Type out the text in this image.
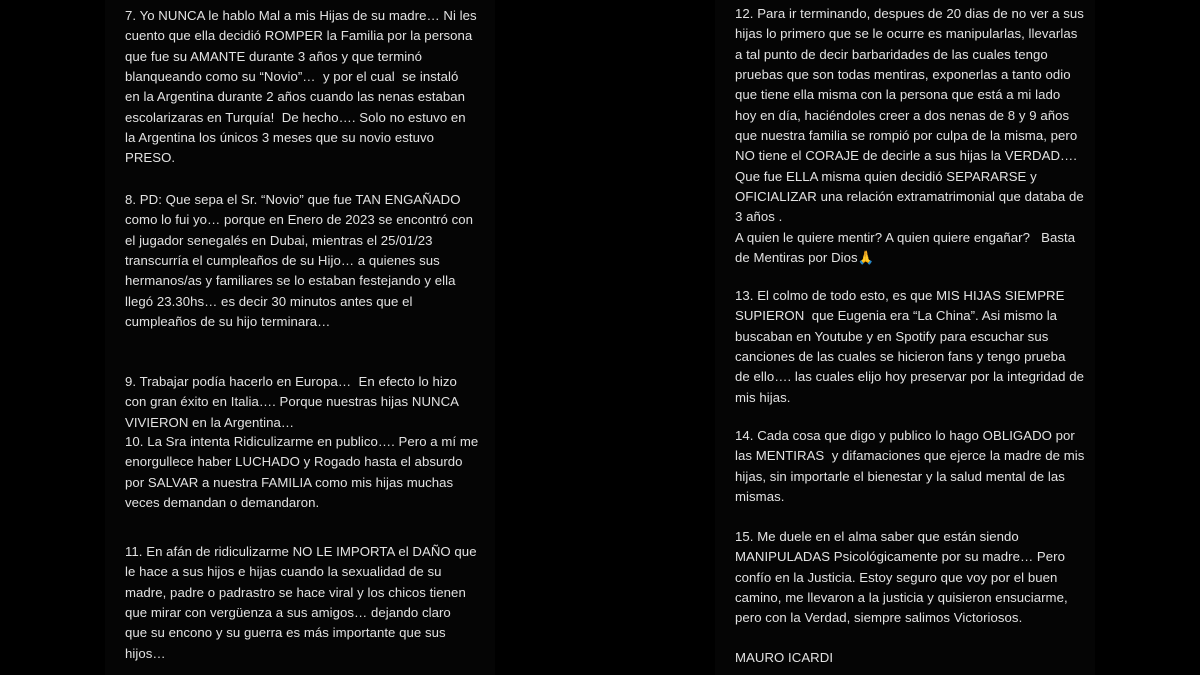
7. Yo NUNCA le hablo Mal a mis Hijas de su madre… Ni les
cuento que ella decidió ROMPER la Familia por la persona
que fue su AMANTE durante 3 años y que terminó
blanqueando como su “Novio”…  y por el cual  se instaló
en la Argentina durante 2 años cuando las nenas estaban
escolarizaras en Turquía!  De hecho…. Solo no estuvo en
la Argentina los únicos 3 meses que su novio estuvo
PRESO.
8. PD: Que sepa el Sr. “Novio” que fue TAN ENGAÑADO
como lo fui yo… porque en Enero de 2023 se encontró con
el jugador senegalés en Dubai, mientras el 25/01/23
transcurría el cumpleaños de su Hijo… a quienes sus
hermanos/as y familiares se lo estaban festejando y ella
llegó 23.30hs… es decir 30 minutos antes que el
cumpleaños de su hijo terminara…
9. Trabajar podía hacerlo en Europa…  En efecto lo hizo
con gran éxito en Italia…. Porque nuestras hijas NUNCA
VIVIERON en la Argentina…
10. La Sra intenta Ridiculizarme en publico…. Pero a mí me
enorgullece haber LUCHADO y Rogado hasta el absurdo
por SALVAR a nuestra FAMILIA como mis hijas muchas
veces demandan o demandaron.
11. En afán de ridiculizarme NO LE IMPORTA el DAÑO que
le hace a sus hijos e hijas cuando la sexualidad de su
madre, padre o padrastro se hace viral y los chicos tienen
que mirar con vergüenza a sus amigos… dejando claro
que su encono y su guerra es más importante que sus
hijos…
12. Para ir terminando, despues de 20 dias de no ver a sus
hijas lo primero que se le ocurre es manipularlas, llevarlas
a tal punto de decir barbaridades de las cuales tengo
pruebas que son todas mentiras, exponerlas a tanto odio
que tiene ella misma con la persona que está a mi lado
hoy en día, haciéndoles creer a dos nenas de 8 y 9 años
que nuestra familia se rompió por culpa de la misma, pero
NO tiene el CORAJE de decirle a sus hijas la VERDAD….
Que fue ELLA misma quien decidió SEPARARSE y
OFICIALIZAR una relación extramatrimonial que databa de
3 años .
A quien le quiere mentir? A quien quiere engañar?   Basta
de Mentiras por Dios🙏
13. El colmo de todo esto, es que MIS HIJAS SIEMPRE
SUPIERON  que Eugenia era “La China”. Asi mismo la
buscaban en Youtube y en Spotify para escuchar sus
canciones de las cuales se hicieron fans y tengo prueba
de ello…. las cuales elijo hoy preservar por la integridad de
mis hijas.
14. Cada cosa que digo y publico lo hago OBLIGADO por
las MENTIRAS  y difamaciones que ejerce la madre de mis
hijas, sin importarle el bienestar y la salud mental de las
mismas.
15. Me duele en el alma saber que están siendo
MANIPULADAS Psicológicamente por su madre… Pero
confío en la Justicia. Estoy seguro que voy por el buen
camino, me llevaron a la justicia y quisieron ensuciarme,
pero con la Verdad, siempre salimos Victoriosos.
MAURO ICARDI
